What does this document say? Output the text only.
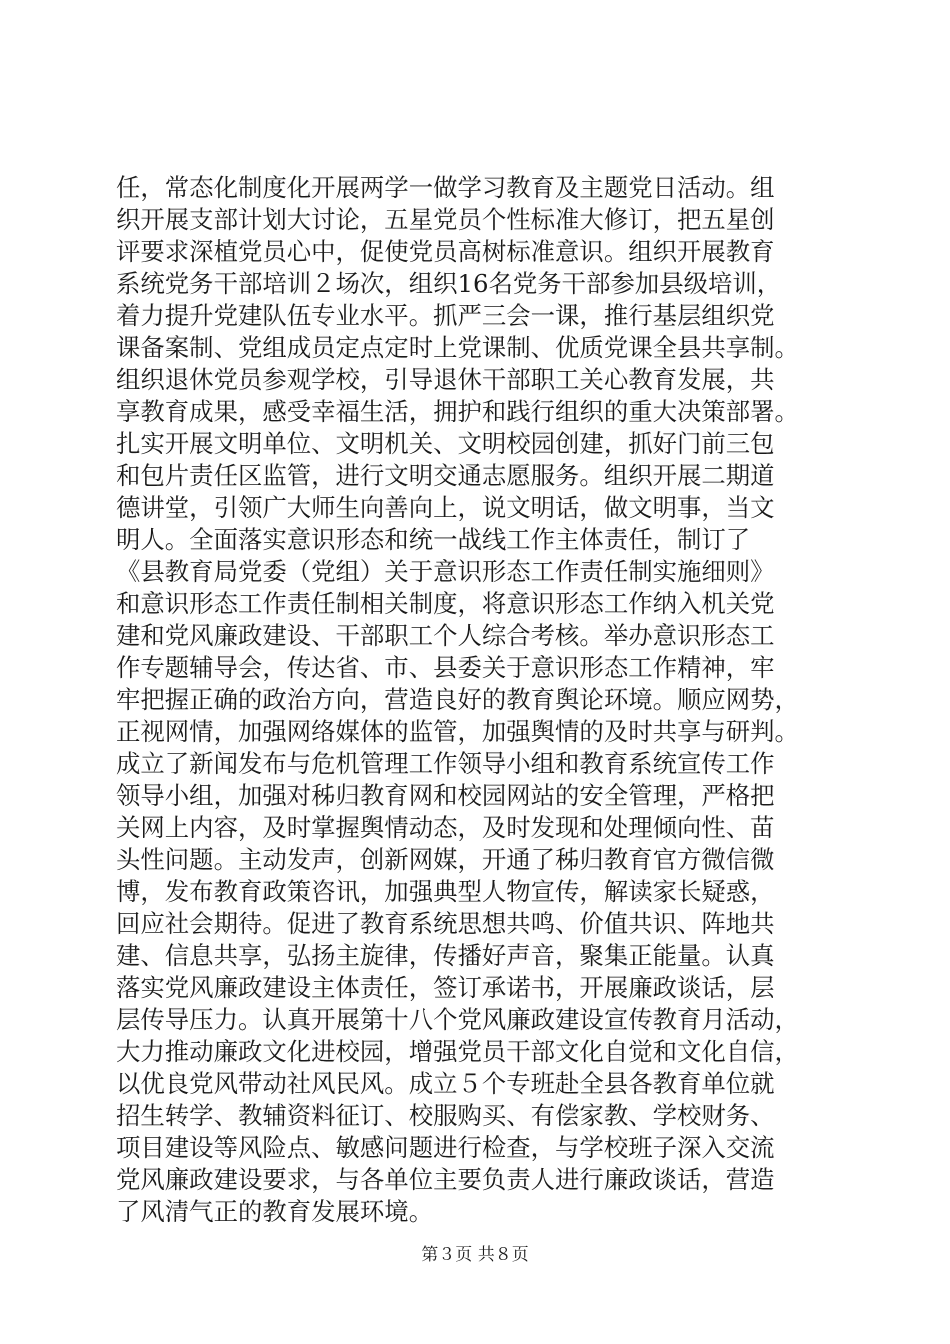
任，常态化制度化开展两学一做学习教育及主题党日活动。组
织开展支部计划大讨论，五星党员个性标准大修订，把五星创
评要求深植党员心中，促使党员高树标准意识。组织开展教育
系统党务干部培训２场次，组织16名党务干部参加县级培训，
着力提升党建队伍专业水平。抓严三会一课，推行基层组织党
课备案制、党组成员定点定时上党课制、优质党课全县共享制。
组织退休党员参观学校，引导退休干部职工关心教育发展，共
享教育成果，感受幸福生活，拥护和践行组织的重大决策部署。
扎实开展文明单位、文明机关、文明校园创建，抓好门前三包
和包片责任区监管，进行文明交通志愿服务。组织开展二期道
德讲堂，引领广大师生向善向上，说文明话，做文明事，当文
明人。全面落实意识形态和统一战线工作主体责任，制订了
《县教育局党委（党组）关于意识形态工作责任制实施细则》
和意识形态工作责任制相关制度，将意识形态工作纳入机关党
建和党风廉政建设、干部职工个人综合考核。举办意识形态工
作专题辅导会，传达省、市、县委关于意识形态工作精神，牢
牢把握正确的政治方向，营造良好的教育舆论环境。顺应网势，
正视网情，加强网络媒体的监管，加强舆情的及时共享与研判。
成立了新闻发布与危机管理工作领导小组和教育系统宣传工作
领导小组，加强对秭归教育网和校园网站的安全管理，严格把
关网上内容，及时掌握舆情动态，及时发现和处理倾向性、苗
头性问题。主动发声，创新网媒，开通了秭归教育官方微信微
博，发布教育政策咨讯，加强典型人物宣传，解读家长疑惑，
回应社会期待。促进了教育系统思想共鸣、价值共识、阵地共
建、信息共享，弘扬主旋律，传播好声音，聚集正能量。认真
落实党风廉政建设主体责任，签订承诺书，开展廉政谈话，层
层传导压力。认真开展第十八个党风廉政建设宣传教育月活动，
大力推动廉政文化进校园，增强党员干部文化自觉和文化自信，
以优良党风带动社风民风。成立５个专班赴全县各教育单位就
招生转学、教辅资料征订、校服购买、有偿家教、学校财务、
项目建设等风险点、敏感问题进行检查，与学校班子深入交流
党风廉政建设要求，与各单位主要负责人进行廉政谈话，营造
了风清气正的教育发展环境。
第３页 共８页
